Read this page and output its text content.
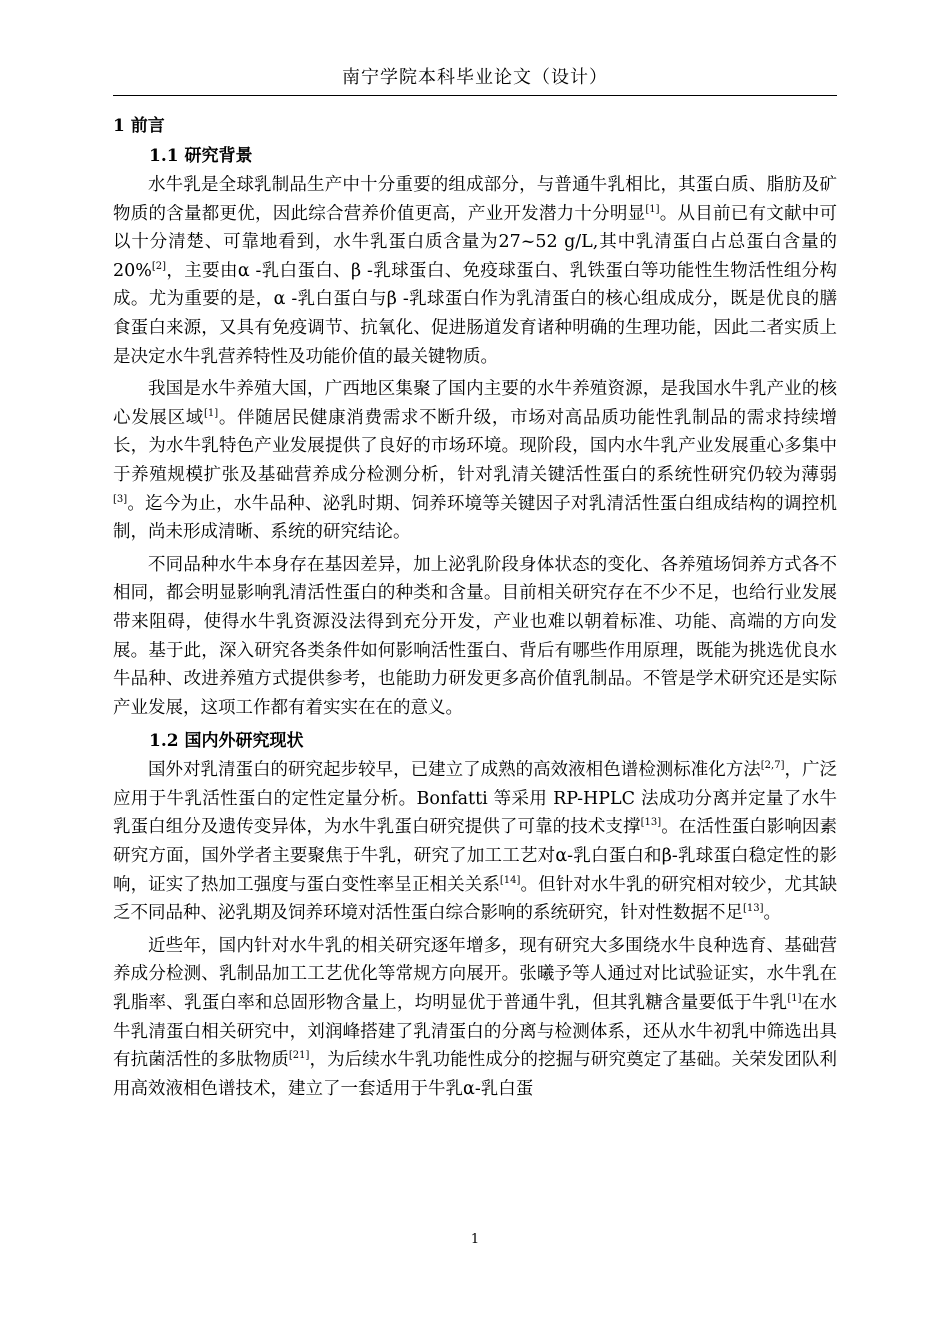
南宁学院本科毕业论文（设计）
1 前言
1.1 研究背景

水牛乳是全球乳制品生产中十分重要的组成部分，与普通牛乳相比，其蛋白质、脂肪及矿物质的含量都更优，因此综合营养价值更高，产业开发潜力十分明显[1]。从目前已有文献中可以十分清楚、可靠地看到，水牛乳蛋白质含量为27~52 g/L,其中乳清蛋白占总蛋白含量的20%[2]，主要由α -乳白蛋白、β -乳球蛋白、免疫球蛋白、乳铁蛋白等功能性生物活性组分构成。尤为重要的是，α -乳白蛋白与β -乳球蛋白作为乳清蛋白的核心组成成分，既是优良的膳食蛋白来源，又具有免疫调节、抗氧化、促进肠道发育诸种明确的生理功能，因此二者实质上是决定水牛乳营养特性及功能价值的最关键物质。

我国是水牛养殖大国，广西地区集聚了国内主要的水牛养殖资源，是我国水牛乳产业的核心发展区域[1]。伴随居民健康消费需求不断升级，市场对高品质功能性乳制品的需求持续增长，为水牛乳特色产业发展提供了良好的市场环境。现阶段，国内水牛乳产业发展重心多集中于养殖规模扩张及基础营养成分检测分析，针对乳清关键活性蛋白的系统性研究仍较为薄弱[3]。迄今为止，水牛品种、泌乳时期、饲养环境等关键因子对乳清活性蛋白组成结构的调控机制，尚未形成清晰、系统的研究结论。

不同品种水牛本身存在基因差异，加上泌乳阶段身体状态的变化、各养殖场饲养方式各不相同，都会明显影响乳清活性蛋白的种类和含量。目前相关研究存在不少不足，也给行业发展带来阻碍，使得水牛乳资源没法得到充分开发，产业也难以朝着标准、功能、高端的方向发展。基于此，深入研究各类条件如何影响活性蛋白、背后有哪些作用原理，既能为挑选优良水牛品种、改进养殖方式提供参考，也能助力研发更多高价值乳制品。不管是学术研究还是实际产业发展，这项工作都有着实实在在的意义。

1.2 国内外研究现状

国外对乳清蛋白的研究起步较早，已建立了成熟的高效液相色谱检测标准化方法[2,7]，广泛应用于牛乳活性蛋白的定性定量分析。Bonfatti 等采用 RP-HPLC 法成功分离并定量了水牛乳蛋白组分及遗传变异体，为水牛乳蛋白研究提供了可靠的技术支撑[13]。在活性蛋白影响因素研究方面，国外学者主要聚焦于牛乳，研究了加工工艺对α-乳白蛋白和β-乳球蛋白稳定性的影响，证实了热加工强度与蛋白变性率呈正相关关系[14]。但针对水牛乳的研究相对较少，尤其缺乏不同品种、泌乳期及饲养环境对活性蛋白综合影响的系统研究，针对性数据不足[13]。

近些年，国内针对水牛乳的相关研究逐年增多，现有研究大多围绕水牛良种选育、基础营养成分检测、乳制品加工工艺优化等常规方向展开。张曦予等人通过对比试验证实，水牛乳在乳脂率、乳蛋白率和总固形物含量上，均明显优于普通牛乳，但其乳糖含量要低于牛乳[1]在水牛乳清蛋白相关研究中，刘润峰搭建了乳清蛋白的分离与检测体系，还从水牛初乳中筛选出具有抗菌活性的多肽物质[21]，为后续水牛乳功能性成分的挖掘与研究奠定了基础。关荣发团队利用高效液相色谱技术，建立了一套适用于牛乳α-乳白蛋

1
